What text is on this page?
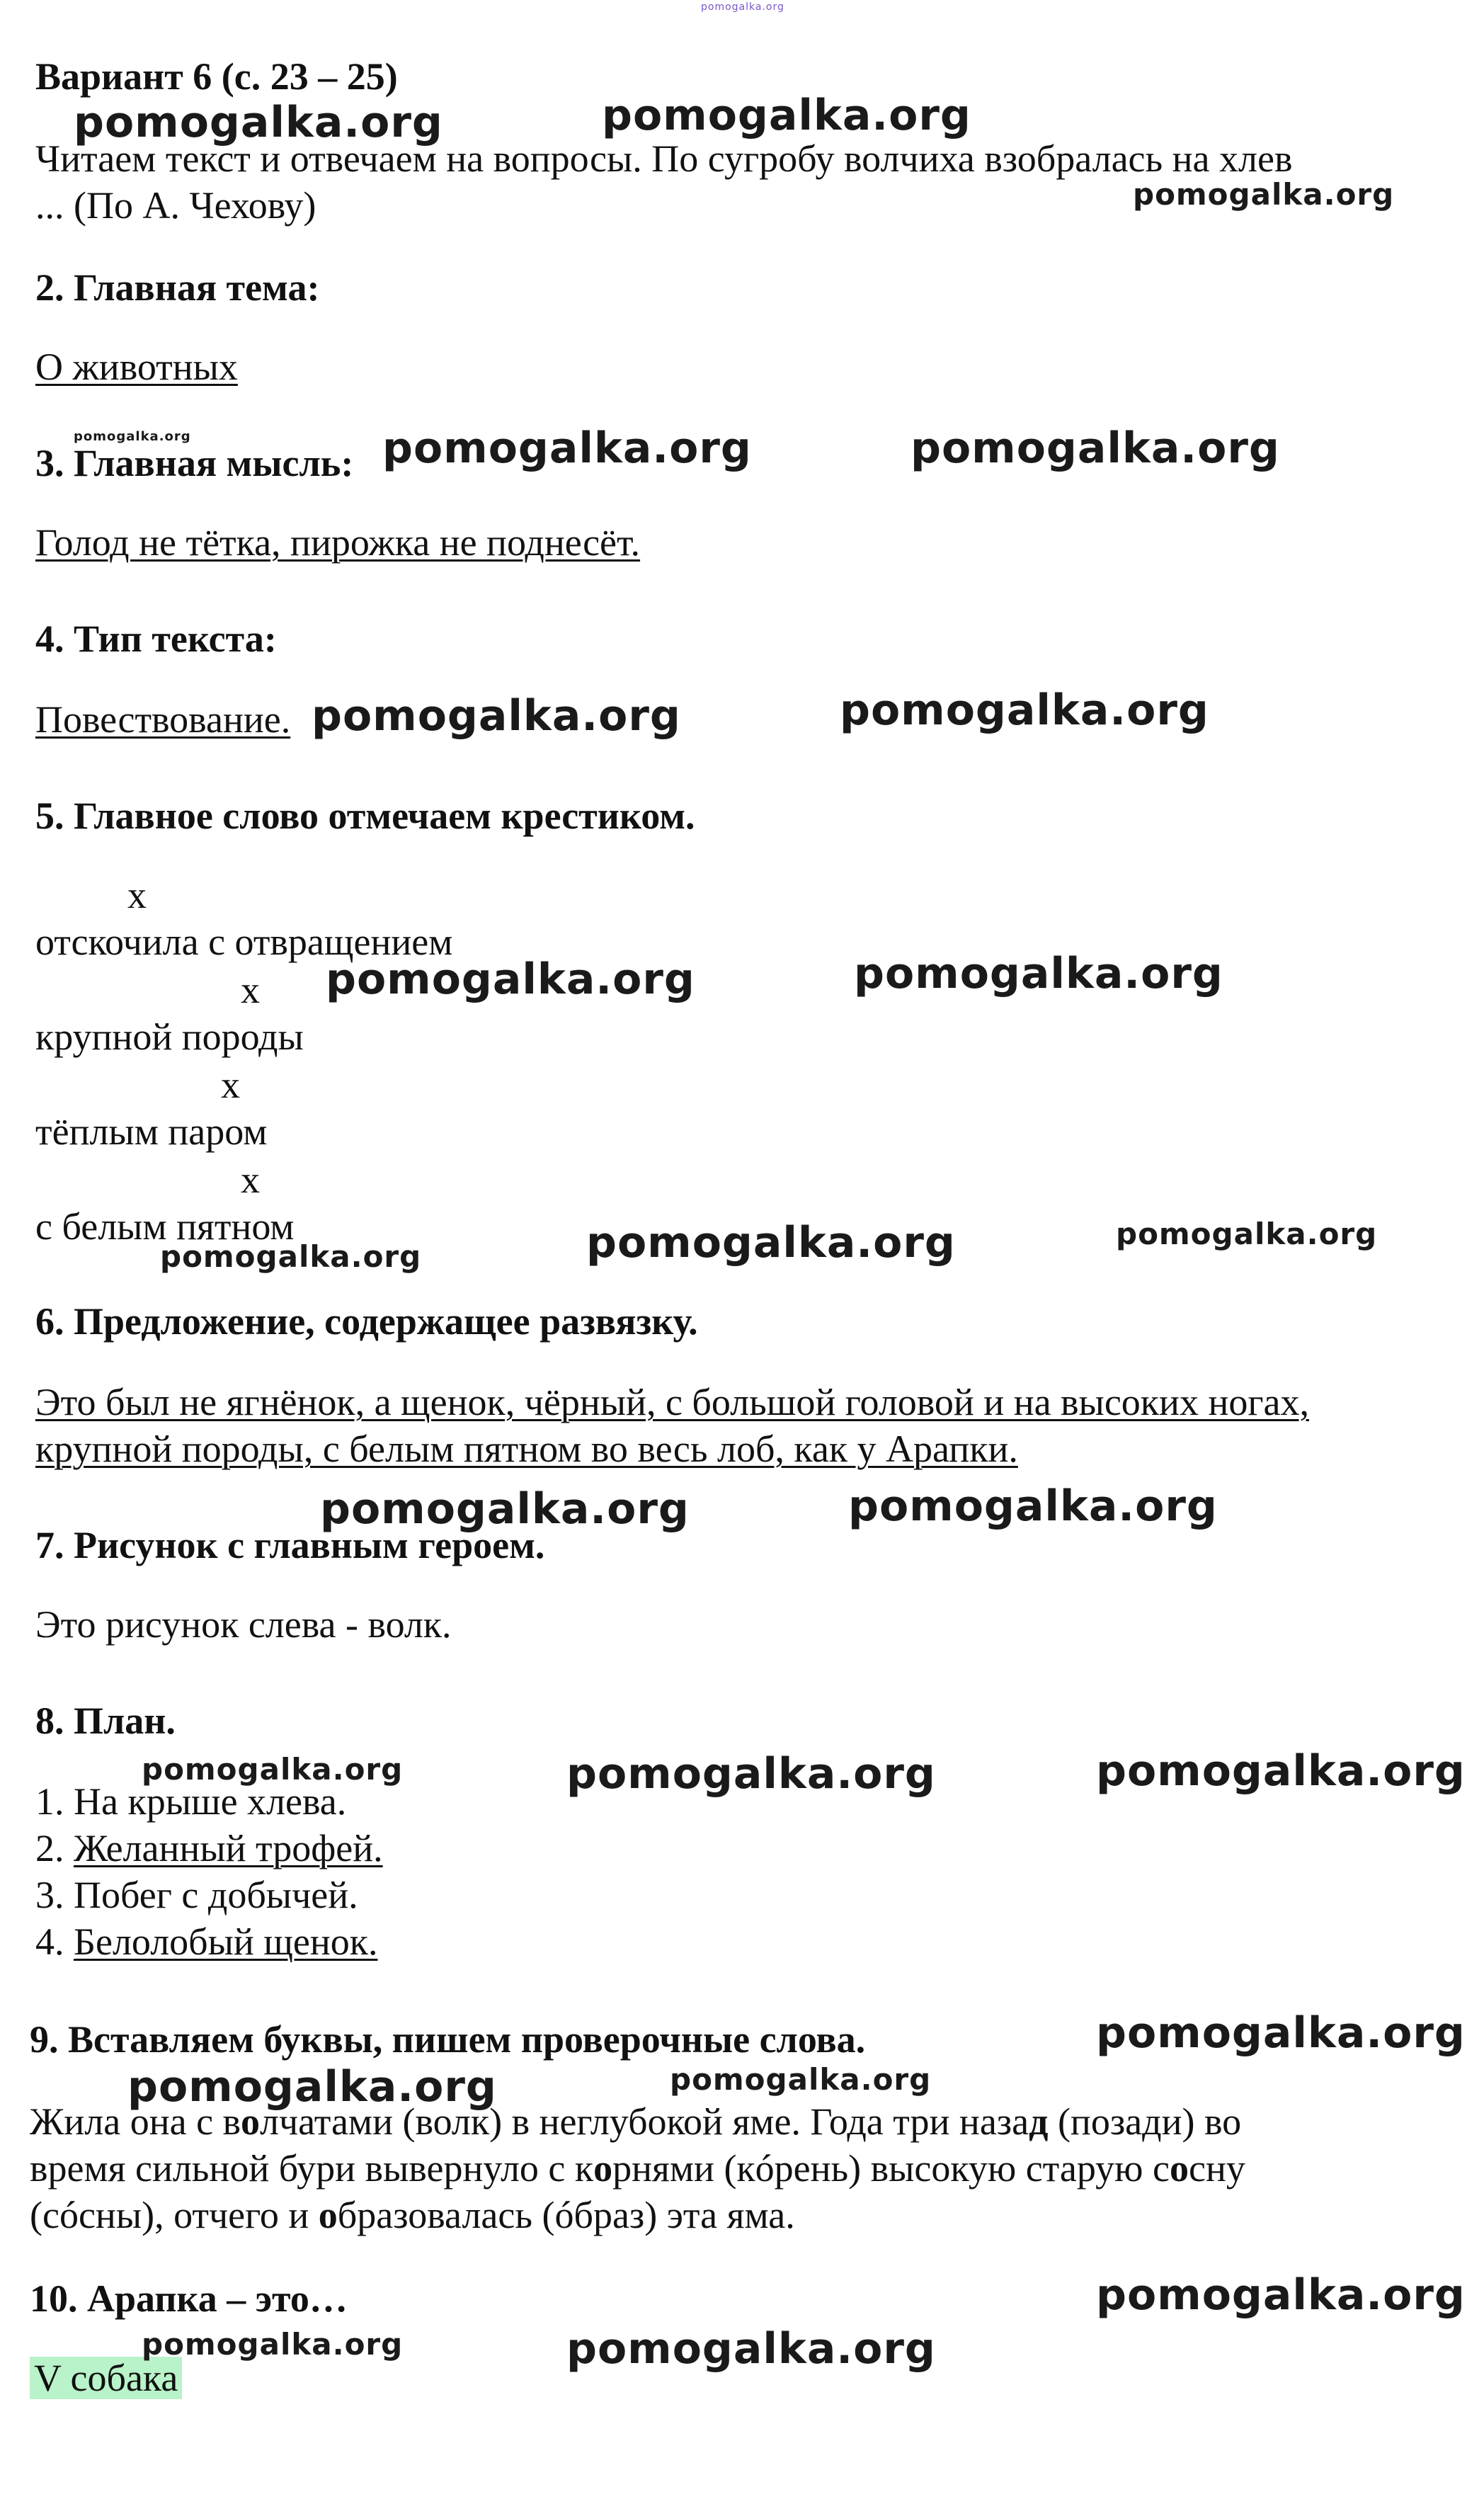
pomogalka.org
Вариант 6 (с. 23 – 25)
Читаем текст и отвечаем на вопросы. По сугробу волчиха взобралась на хлев
... (По А. Чехову)
2. Главная тема:
О животных
3. Главная мысль:
Голод не тётка, пирожка не поднесёт.
4. Тип текста:
Повествование.
5. Главное слово отмечаем крестиком.
x
отскочила с отвращением
x
крупной породы
x
тёплым паром
x
с белым пятном
6. Предложение, содержащее развязку.
Это был не ягнёнок, а щенок, чёрный, с большой головой и на высоких ногах,
крупной породы, с белым пятном во весь лоб, как у Арапки.
7. Рисунок с главным героем.
Это рисунок слева - волк.
8. План.
1. На крыше хлева.
2. Желанный трофей.
3. Побег с добычей.
4. Белолобый щенок.
9. Вставляем буквы, пишем проверочные слова.
Жила она с волчатами (волк) в неглубокой яме. Года три назад (позади) во
время сильной бури вывернуло с корнями (кóрень) высокую старую сосну
(сóсны), отчего и образовалась (óбраз) эта яма.
10. Арапка – это…
V собака
pomogalka.org	pomogalka.org
pomogalka.org
pomogalka.org	pomogalka.org	pomogalka.org
pomogalka.org	pomogalka.org
pomogalka.org	pomogalka.org
pomogalka.org	pomogalka.org	pomogalka.org
pomogalka.org	pomogalka.org
pomogalka.org	pomogalka.org	pomogalka.org
pomogalka.org
pomogalka.org	pomogalka.org
pomogalka.org
pomogalka.org	pomogalka.org
